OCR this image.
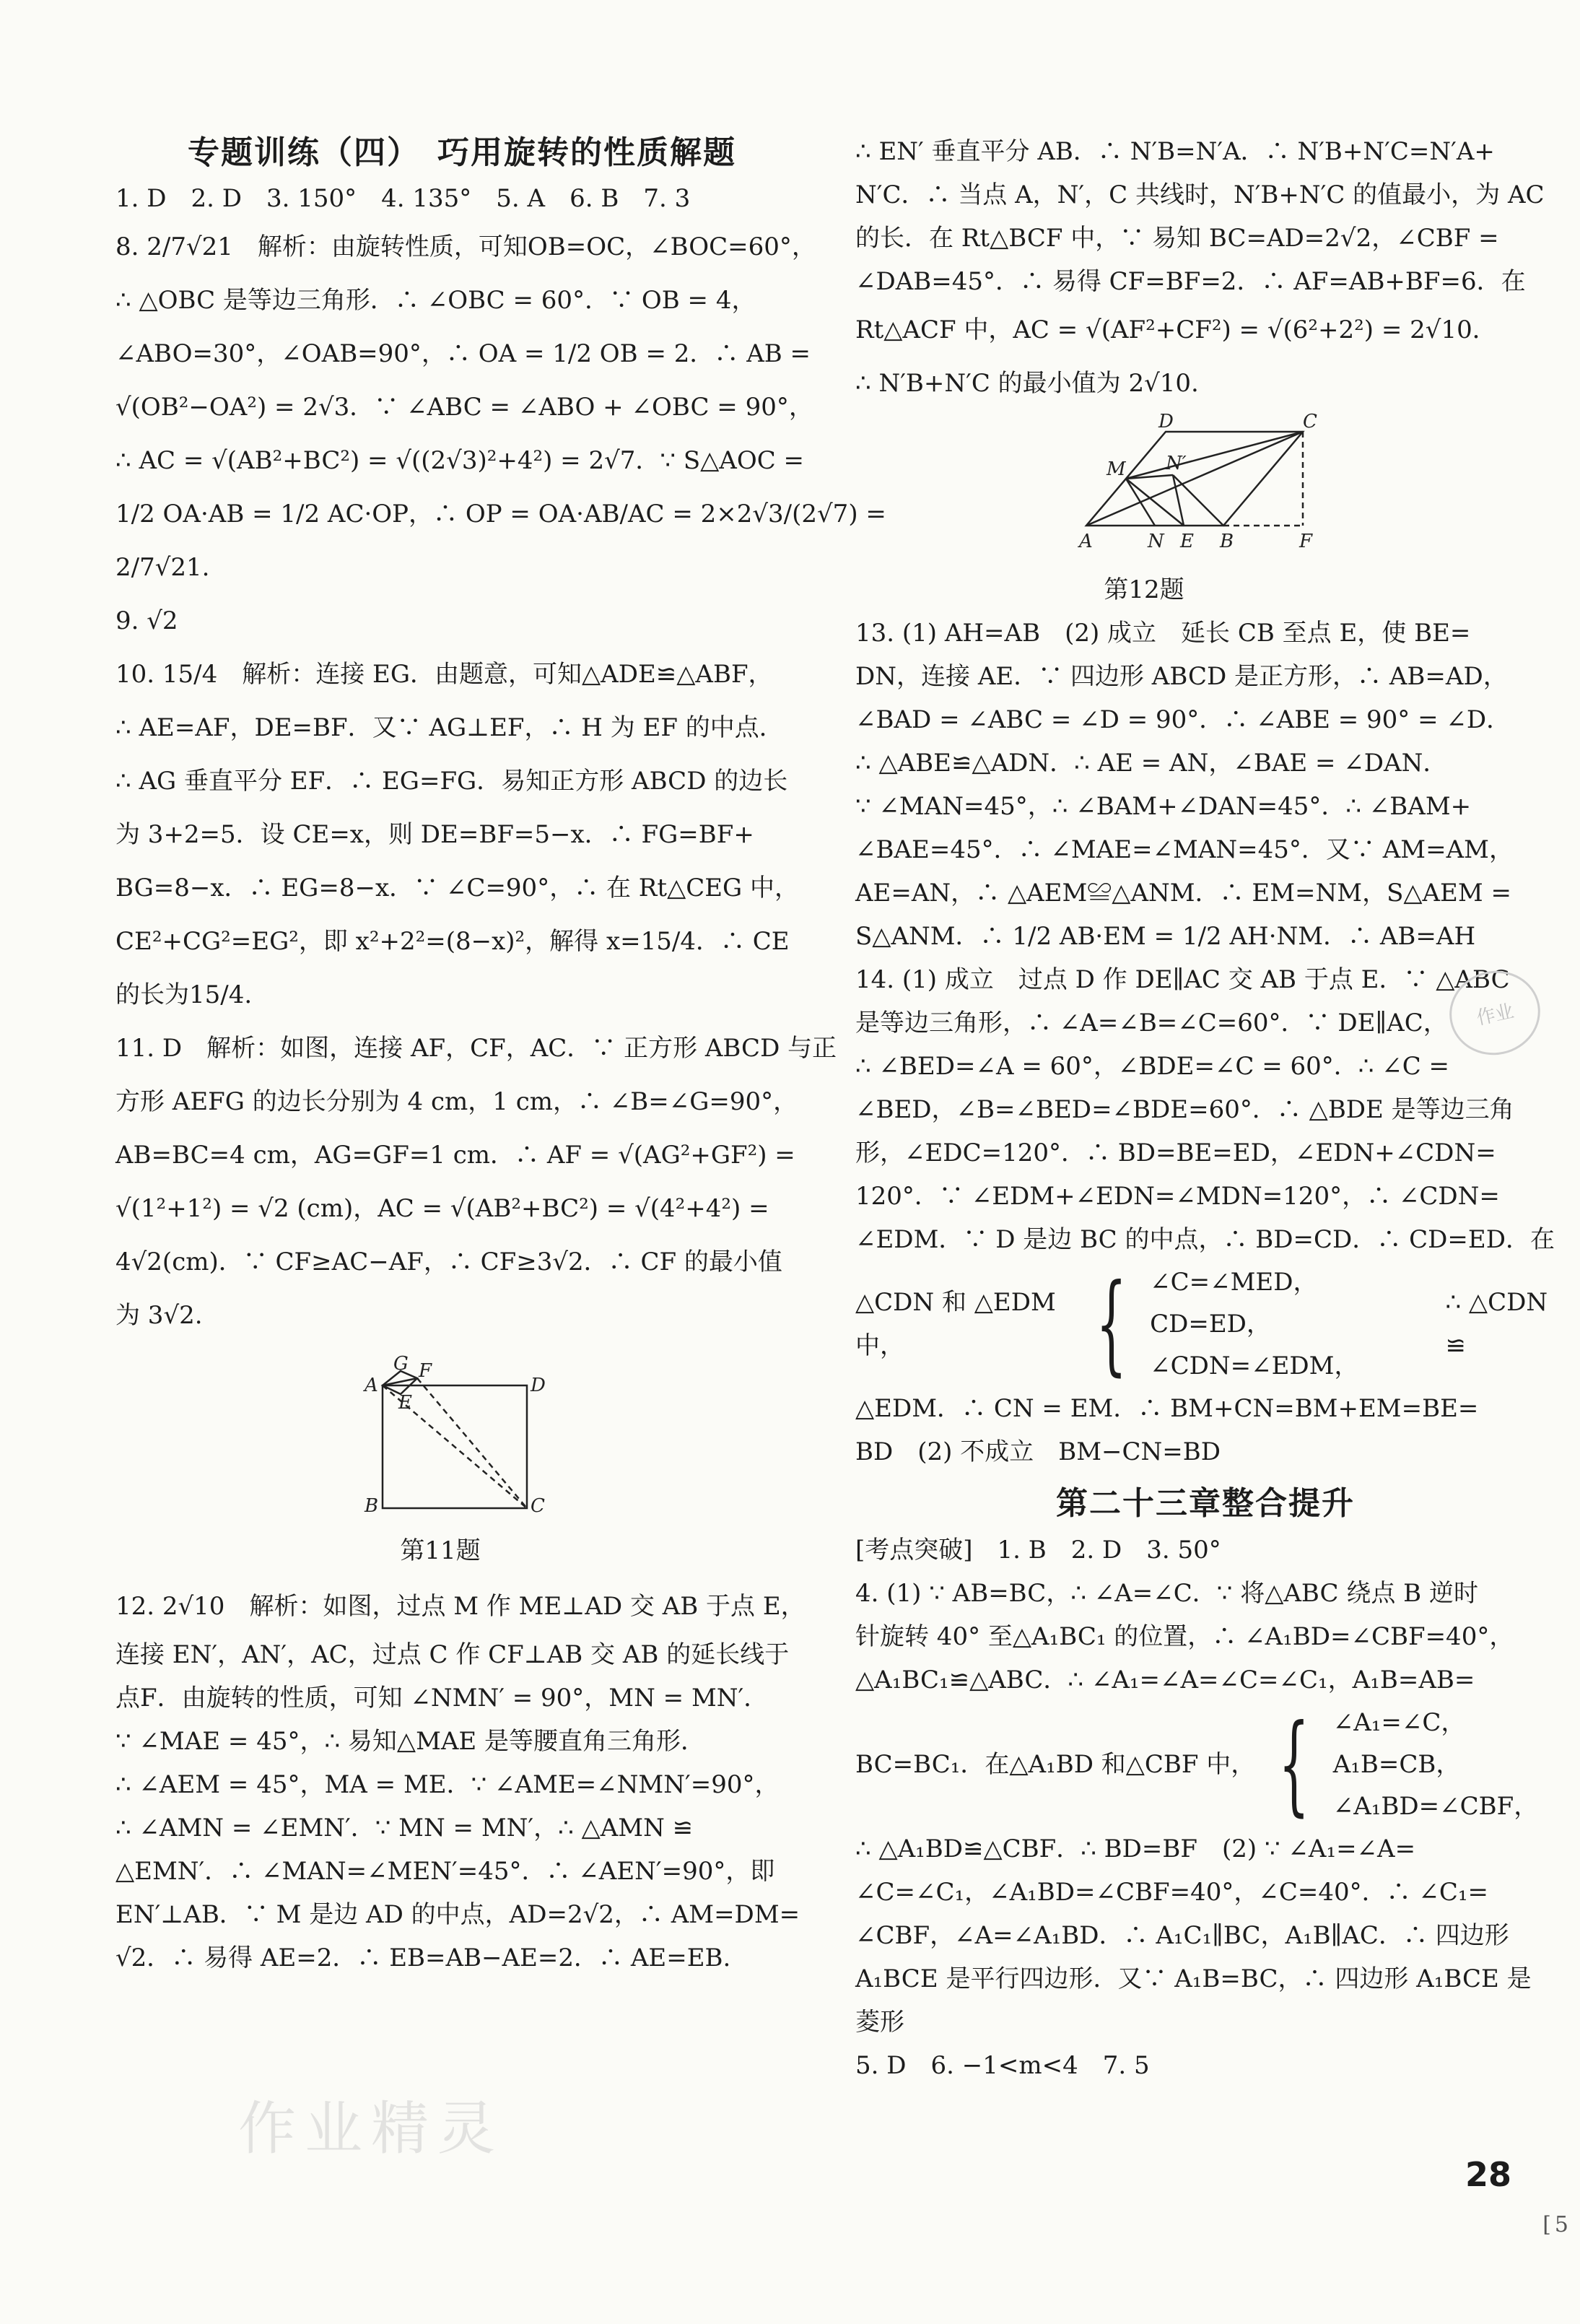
专题训练（四）　巧用旋转的性质解题
1. D　2. D　3. 150°　4. 135°　5. A　6. B　7. 3
8. 2/7√21　解析：由旋转性质，可知OB=OC，∠BOC=60°，
∴ △OBC 是等边三角形．∴ ∠OBC = 60°．∵ OB = 4，
∠ABO=30°，∠OAB=90°，∴ OA = 1/2 OB = 2．∴ AB =
√(OB²−OA²) = 2√3．∵ ∠ABC = ∠ABO + ∠OBC = 90°，
∴ AC = √(AB²+BC²) = √((2√3)²+4²) = 2√7．∵ S△AOC =
1/2 OA·AB = 1/2 AC·OP，∴ OP = OA·AB/AC = 2×2√3/(2√7) =
2/7√21.
9. √2
10. 15/4　解析：连接 EG．由题意，可知△ADE≌△ABF，
∴ AE=AF，DE=BF．又∵ AG⊥EF，∴ H 为 EF 的中点．
∴ AG 垂直平分 EF．∴ EG=FG．易知正方形 ABCD 的边长
为 3+2=5．设 CE=x，则 DE=BF=5−x．∴ FG=BF+
BG=8−x．∴ EG=8−x．∵ ∠C=90°，∴ 在 Rt△CEG 中，
CE²+CG²=EG²，即 x²+2²=(8−x)²，解得 x=15/4．∴ CE
的长为15/4.
11. D　解析：如图，连接 AF，CF，AC．∵ 正方形 ABCD 与正
方形 AEFG 的边长分别为 4 cm，1 cm，∴ ∠B=∠G=90°，
AB=BC=4 cm，AG=GF=1 cm．∴ AF = √(AG²+GF²) =
√(1²+1²) = √2 (cm)，AC = √(AB²+BC²) = √(4²+4²) =
4√2(cm)．∵ CF≥AC−AF，∴ CF≥3√2．∴ CF 的最小值
为 3√2.
G F
A
E
D
B	C
第11题
12. 2√10　解析：如图，过点 M 作 ME⊥AD 交 AB 于点 E，
连接 EN′，AN′，AC，过点 C 作 CF⊥AB 交 AB 的延长线于
点F．由旋转的性质，可知 ∠NMN′ = 90°，MN = MN′．
∵ ∠MAE = 45°，∴ 易知△MAE 是等腰直角三角形．
∴ ∠AEM = 45°，MA = ME．∵ ∠AME=∠NMN′=90°，
∴ ∠AMN = ∠EMN′．∵ MN = MN′，∴ △AMN ≌
△EMN′．∴ ∠MAN=∠MEN′=45°．∴ ∠AEN′=90°，即
EN′⊥AB．∵ M 是边 AD 的中点，AD=2√2，∴ AM=DM=
√2．∴ 易得 AE=2．∴ EB=AB−AE=2．∴ AE=EB.
∴ EN′ 垂直平分 AB．∴ N′B=N′A．∴ N′B+N′C=N′A+
N′C．∴ 当点 A，N′，C 共线时，N′B+N′C 的值最小，为 AC
的长．在 Rt△BCF 中，∵ 易知 BC=AD=2√2，∠CBF =
∠DAB=45°．∴ 易得 CF=BF=2．∴ AF=AB+BF=6．在
Rt△ACF 中，AC = √(AF²+CF²) = √(6²+2²) = 2√10．
∴ N′B+N′C 的最小值为 2√10.
D	C
M N′
A	N E B	F
第12题
13. (1) AH=AB　(2) 成立　延长 CB 至点 E，使 BE=
DN，连接 AE．∵ 四边形 ABCD 是正方形，∴ AB=AD，
∠BAD = ∠ABC = ∠D = 90°．∴ ∠ABE = 90° = ∠D．
∴ △ABE≌△ADN．∴ AE = AN，∠BAE = ∠DAN．
∵ ∠MAN=45°，∴ ∠BAM+∠DAN=45°．∴ ∠BAM+
∠BAE=45°．∴ ∠MAE=∠MAN=45°．又∵ AM=AM，
AE=AN，∴ △AEM≌△ANM．∴ EM=NM，S△AEM =
S△ANM．∴ 1/2 AB·EM = 1/2 AH·NM．∴ AB=AH
14. (1) 成立　过点 D 作 DE∥AC 交 AB 于点 E．∵ △ABC
是等边三角形，∴ ∠A=∠B=∠C=60°．∵ DE∥AC，
∴ ∠BED=∠A = 60°，∠BDE=∠C = 60°．∴ ∠C =
∠BED，∠B=∠BED=∠BDE=60°．∴ △BDE 是等边三角
形，∠EDC=120°．∴ BD=BE=ED，∠EDN+∠CDN=
120°．∵ ∠EDM+∠EDN=∠MDN=120°，∴ ∠CDN=
∠EDM．∵ D 是边 BC 的中点，∴ BD=CD．∴ CD=ED．在
△CDN 和 △EDM 中，	{ ∠C=∠MED，
CD=ED，
∠CDN=∠EDM，
∴ △CDN ≌
△EDM．∴ CN = EM．∴ BM+CN=BM+EM=BE=
BD　(2) 不成立　BM−CN=BD
第二十三章整合提升
[考点突破]　1. B　2. D　3. 50°
4. (1) ∵ AB=BC，∴ ∠A=∠C．∵ 将△ABC 绕点 B 逆时
针旋转 40° 至△A₁BC₁ 的位置，∴ ∠A₁BD=∠CBF=40°，
△A₁BC₁≌△ABC．∴ ∠A₁=∠A=∠C=∠C₁，A₁B=AB=
BC=BC₁．在△A₁BD 和△CBF 中， { ∠A₁=∠C，
A₁B=CB，
∠A₁BD=∠CBF，
∴ △A₁BD≌△CBF．∴ BD=BF　(2) ∵ ∠A₁=∠A=
∠C=∠C₁，∠A₁BD=∠CBF=40°，∠C=40°．∴ ∠C₁=
∠CBF，∠A=∠A₁BD．∴ A₁C₁∥BC，A₁B∥AC．∴ 四边形
A₁BCE 是平行四边形．又∵ A₁B=BC，∴ 四边形 A₁BCE 是
菱形
5. D　6. −1<m<4　7. 5
作业
作业精灵
[ 5
28
